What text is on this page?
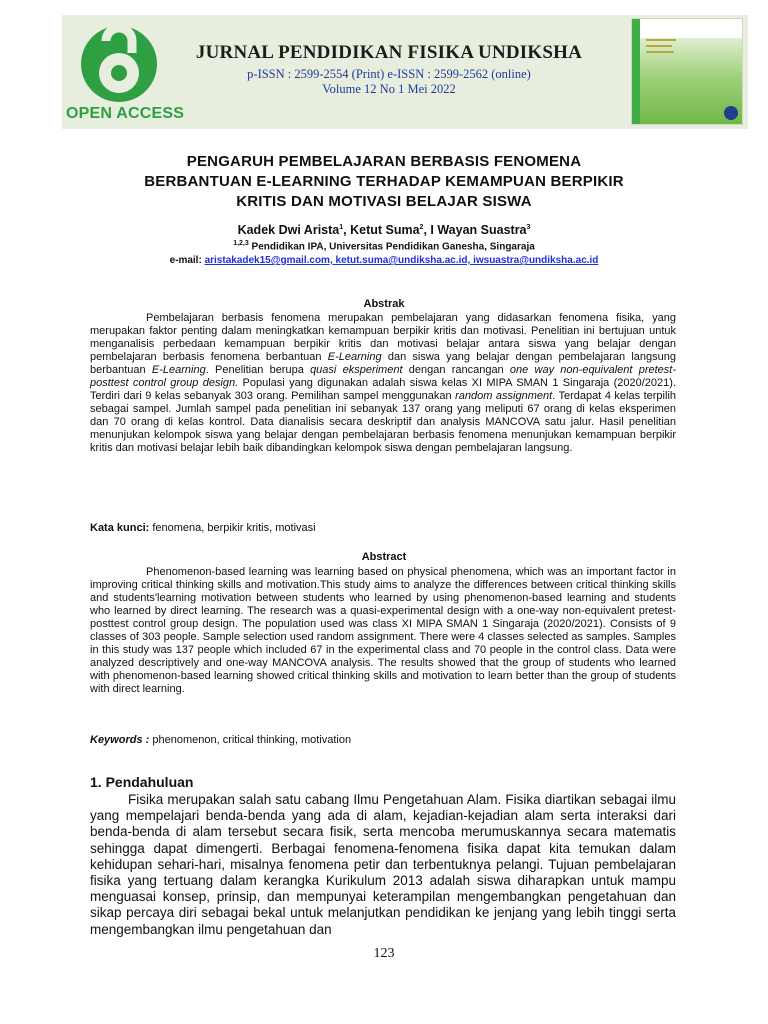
OPEN ACCESS
JURNAL PENDIDIKAN FISIKA UNDIKSHA
p-ISSN : 2599-2554 (Print) e-ISSN : 2599-2562 (online)
Volume 12 No 1 Mei 2022
PENGARUH PEMBELAJARAN BERBASIS FENOMENA
BERBANTUAN E-LEARNING TERHADAP KEMAMPUAN BERPIKIR
KRITIS DAN MOTIVASI BELAJAR SISWA
Kadek Dwi Arista$^1$, Ketut Suma$^2$, I Wayan Suastra$^3$
$^{1,2,3}$ Pendidikan IPA, Universitas Pendidikan Ganesha, Singaraja
e-mail: aristakadek15@gmail.com, ketut.suma@undiksha.ac.id, iwsuastra@undiksha.ac.id
Abstrak

Pembelajaran berbasis fenomena merupakan pembelajaran yang didasarkan fenomena fisika, yang merupakan faktor penting dalam meningkatkan kemampuan berpikir kritis dan motivasi. Penelitian ini bertujuan untuk menganalisis perbedaan kemampuan berpikir kritis dan motivasi belajar antara siswa yang belajar dengan pembelajaran berbasis fenomena berbantuan E-Learning dan siswa yang belajar dengan pembelajaran langsung berbantuan E-Learning. Penelitian berupa quasi eksperiment dengan rancangan one way non-equivalent pretest-posttest control group design. Populasi yang digunakan adalah siswa kelas XI MIPA SMAN 1 Singaraja (2020/2021). Terdiri dari 9 kelas sebanyak 303 orang. Pemilihan sampel menggunakan random assignment. Terdapat 4 kelas terpilih sebagai sampel. Jumlah sampel pada penelitian ini sebanyak 137 orang yang meliputi 67 orang di kelas eksperimen dan 70 orang di kelas kontrol. Data dianalisis secara deskriptif dan analysis MANCOVA satu jalur. Hasil penelitian menunjukan kelompok siswa yang belajar dengan pembelajaran berbasis fenomena menunjukan kemampuan berpikir kritis dan motivasi belajar lebih baik dibandingkan kelompok siswa dengan pembelajaran langsung.

Kata kunci: fenomena, berpikir kritis, motivasi
Abstract

Phenomenon-based learning was learning based on physical phenomena, which was an important factor in improving critical thinking skills and motivation.This study aims to analyze the differences between critical thinking skills and students'learning motivation between students who learned by using phenomenon-based learning and students who learned by direct learning. The research was a quasi-experimental design with a one-way non-equivalent pretest-posttest control group design. The population used was class XI MIPA SMAN 1 Singaraja (2020/2021). Consists of 9 classes of 303 people. Sample selection used random assignment. There were 4 classes selected as samples. Samples in this study was 137 people which included 67 in the experimental class and 70 people in the control class. Data were analyzed descriptively and one-way MANCOVA analysis. The results showed that the group of students who learned with phenomenon-based learning showed critical thinking skills and motivation to learn better than the group of students with direct learning.

Keywords : phenomenon, critical thinking, motivation
1. Pendahuluan

Fisika merupakan salah satu cabang Ilmu Pengetahuan Alam. Fisika diartikan sebagai ilmu yang mempelajari benda-benda yang ada di alam, kejadian-kejadian alam serta interaksi dari benda-benda di alam tersebut secara fisik, serta mencoba merumuskannya secara matematis sehingga dapat dimengerti. Berbagai fenomena-fenomena fisika dapat kita temukan dalam kehidupan sehari-hari, misalnya fenomena petir dan terbentuknya pelangi. Tujuan pembelajaran fisika yang tertuang dalam kerangka Kurikulum 2013 adalah siswa diharapkan untuk mampu menguasai konsep, prinsip, dan mempunyai keterampilan mengembangkan pengetahuan dan sikap percaya diri sebagai bekal untuk melanjutkan pendidikan ke jenjang yang lebih tinggi serta mengembangkan ilmu pengetahuan dan

123
